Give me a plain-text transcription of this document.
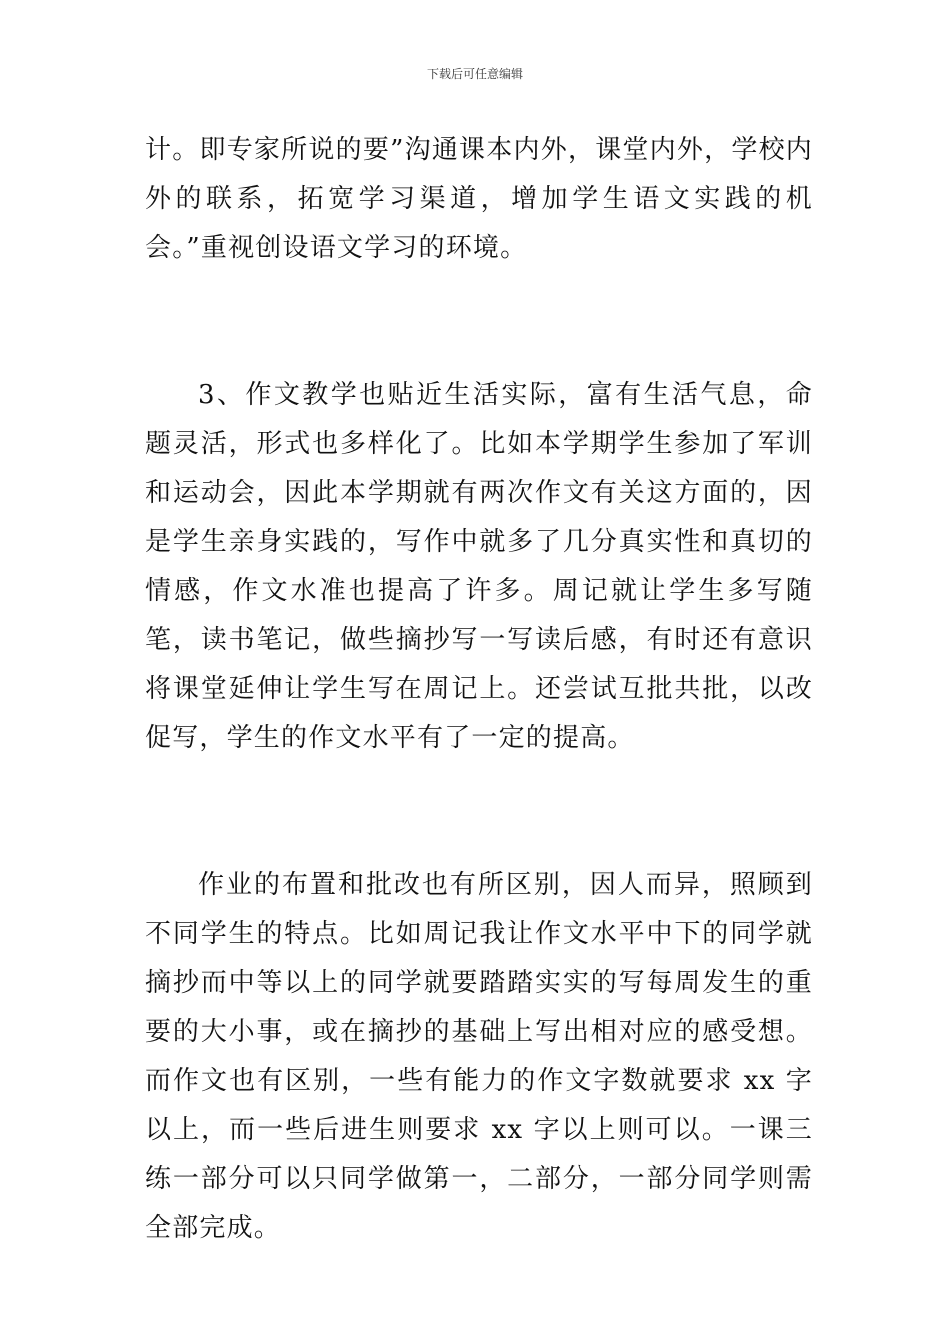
下载后可任意编辑

计。即专家所说的要”沟通课本内外，课堂内外，学校内外的联系，拓宽学习渠道，增加学生语文实践的机会。”重视创设语文学习的环境。

3、作文教学也贴近生活实际，富有生活气息，命题灵活，形式也多样化了。比如本学期学生参加了军训和运动会，因此本学期就有两次作文有关这方面的，因是学生亲身实践的，写作中就多了几分真实性和真切的情感，作文水准也提高了许多。周记就让学生多写随笔，读书笔记，做些摘抄写一写读后感，有时还有意识将课堂延伸让学生写在周记上。还尝试互批共批，以改促写，学生的作文水平有了一定的提高。

作业的布置和批改也有所区别，因人而异，照顾到不同学生的特点。比如周记我让作文水平中下的同学就摘抄而中等以上的同学就要踏踏实实的写每周发生的重要的大小事，或在摘抄的基础上写出相对应的感受想。而作文也有区别，一些有能力的作文字数就要求 xx 字以上，而一些后进生则要求 xx 字以上则可以。一课三练一部分可以只同学做第一，二部分，一部分同学则需全部完成。
